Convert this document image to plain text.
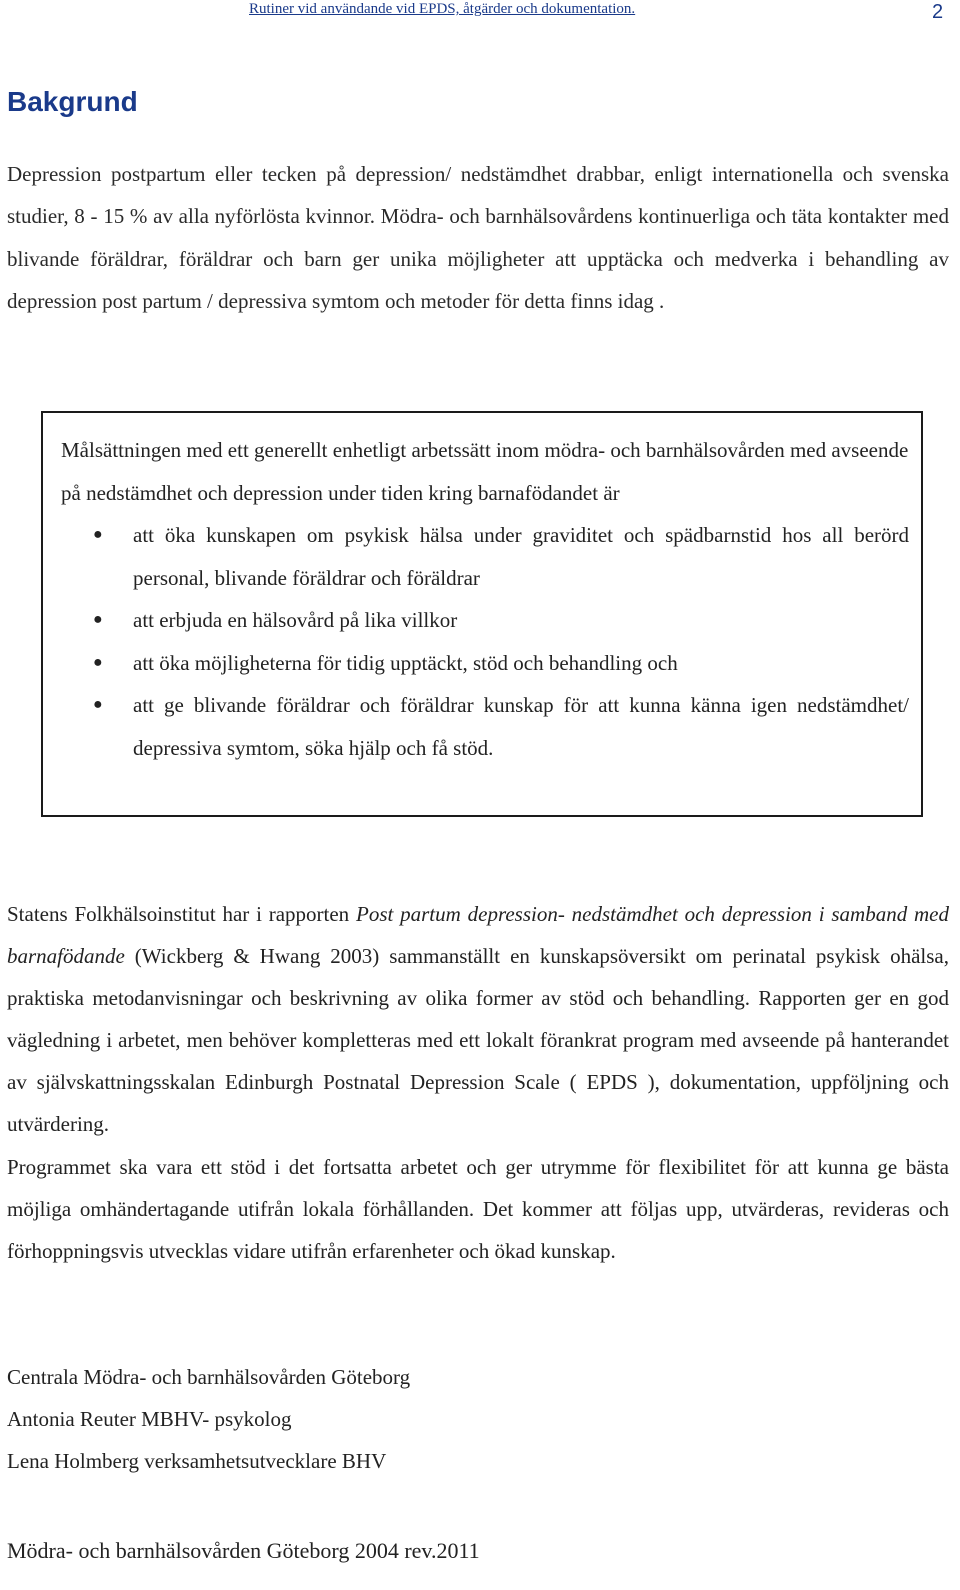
Rutiner vid användande vid EPDS, åtgärder och dokumentation.	2
Bakgrund

Depression postpartum eller tecken på depression/ nedstämdhet drabbar, enligt internationella och svenska studier, 8 - 15 % av alla nyförlösta kvinnor. Mödra- och barnhälsovårdens kontinuerliga och täta kontakter med blivande föräldrar, föräldrar och barn ger unika möjligheter att upptäcka och medverka i behandling av depression post partum / depressiva symtom och metoder för detta finns idag .

Målsättningen med ett generellt enhetligt arbetssätt inom mödra- och barnhälsovården med avseende på nedstämdhet och depression under tiden kring barnafödandet är

● att öka kunskapen om psykisk hälsa under graviditet och spädbarnstid hos all berörd personal, blivande föräldrar och föräldrar
● att erbjuda en hälsovård på lika villkor
● att öka möjligheterna för tidig upptäckt, stöd och behandling och
● att ge blivande föräldrar och föräldrar kunskap för att kunna känna igen nedstämdhet/ depressiva symtom, söka hjälp och få stöd.

Statens Folkhälsoinstitut har i rapporten Post partum depression- nedstämdhet och depression i samband med barnafödande (Wickberg & Hwang 2003) sammanställt en kunskapsöversikt om perinatal psykisk ohälsa, praktiska metodanvisningar och beskrivning av olika former av stöd och behandling. Rapporten ger en god vägledning i arbetet, men behöver kompletteras med ett lokalt förankrat program med avseende på hanterandet av självskattningsskalan Edinburgh Postnatal Depression Scale ( EPDS ), dokumentation, uppföljning och utvärdering.
Programmet ska vara ett stöd i det fortsatta arbetet och ger utrymme för flexibilitet för att kunna ge bästa möjliga omhändertagande utifrån lokala förhållanden. Det kommer att följas upp, utvärderas, revideras och förhoppningsvis utvecklas vidare utifrån erfarenheter och ökad kunskap.

Centrala Mödra- och barnhälsovården Göteborg
Antonia Reuter MBHV- psykolog
Lena Holmberg verksamhetsutvecklare BHV
Mödra- och barnhälsovården Göteborg 2004 rev.2011
